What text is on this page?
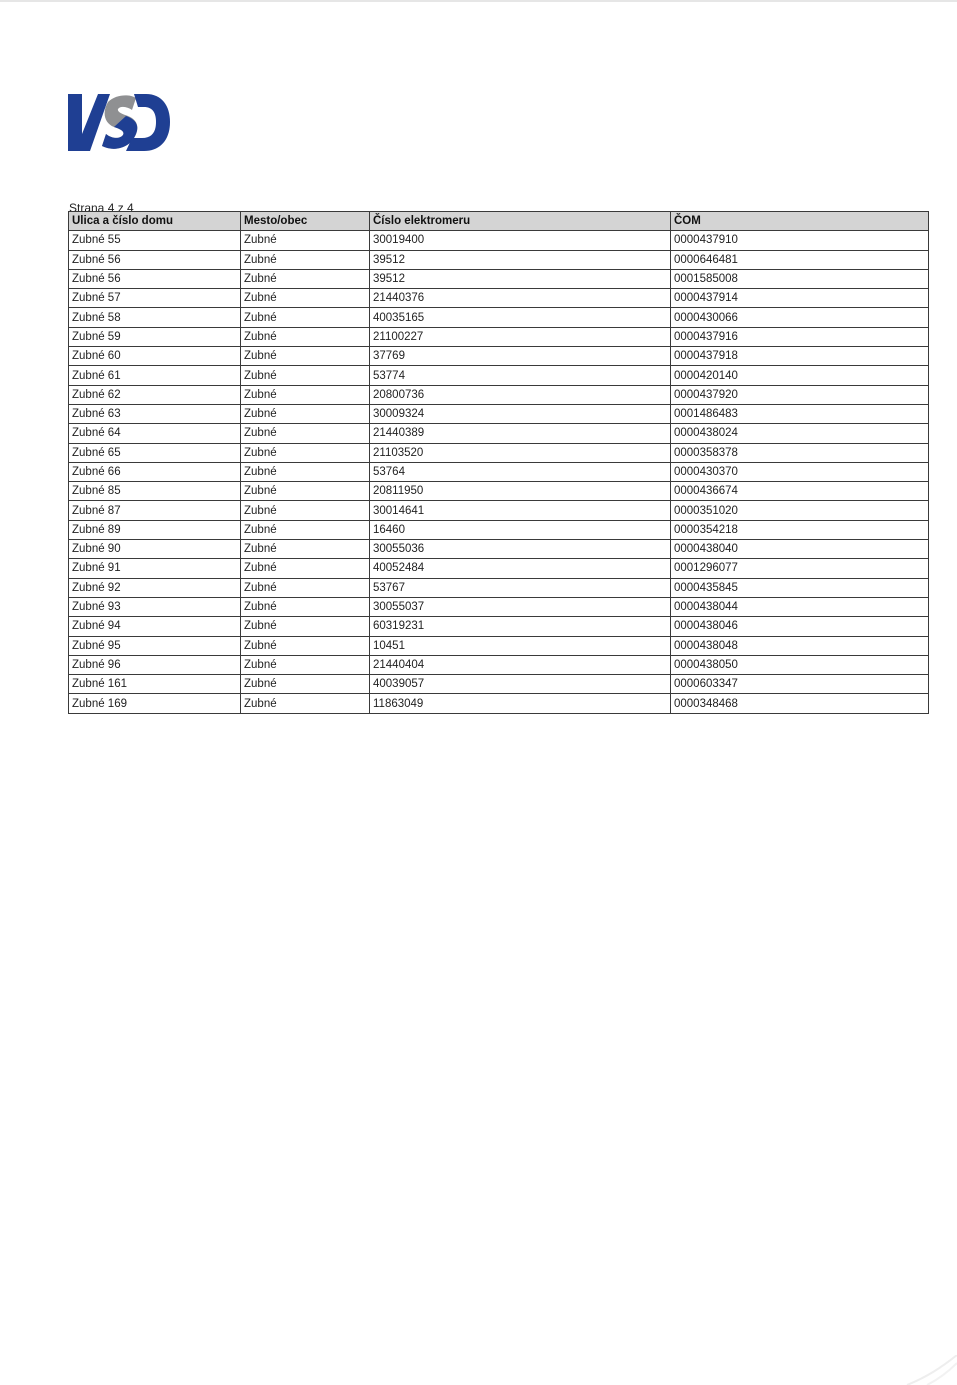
Strana 4 z 4
Ulica a číslo domu	Mesto/obec	Číslo elektromeru	ČOM
Zubné 55	Zubné	30019400	0000437910
Zubné 56	Zubné	39512	0000646481
Zubné 56	Zubné	39512	0001585008
Zubné 57	Zubné	21440376	0000437914
Zubné 58	Zubné	40035165	0000430066
Zubné 59	Zubné	21100227	0000437916
Zubné 60	Zubné	37769	0000437918
Zubné 61	Zubné	53774	0000420140
Zubné 62	Zubné	20800736	0000437920
Zubné 63	Zubné	30009324	0001486483
Zubné 64	Zubné	21440389	0000438024
Zubné 65	Zubné	21103520	0000358378
Zubné 66	Zubné	53764	0000430370
Zubné 85	Zubné	20811950	0000436674
Zubné 87	Zubné	30014641	0000351020
Zubné 89	Zubné	16460	0000354218
Zubné 90	Zubné	30055036	0000438040
Zubné 91	Zubné	40052484	0001296077
Zubné 92	Zubné	53767	0000435845
Zubné 93	Zubné	30055037	0000438044
Zubné 94	Zubné	60319231	0000438046
Zubné 95	Zubné	10451	0000438048
Zubné 96	Zubné	21440404	0000438050
Zubné 161	Zubné	40039057	0000603347
Zubné 169	Zubné	11863049	0000348468
